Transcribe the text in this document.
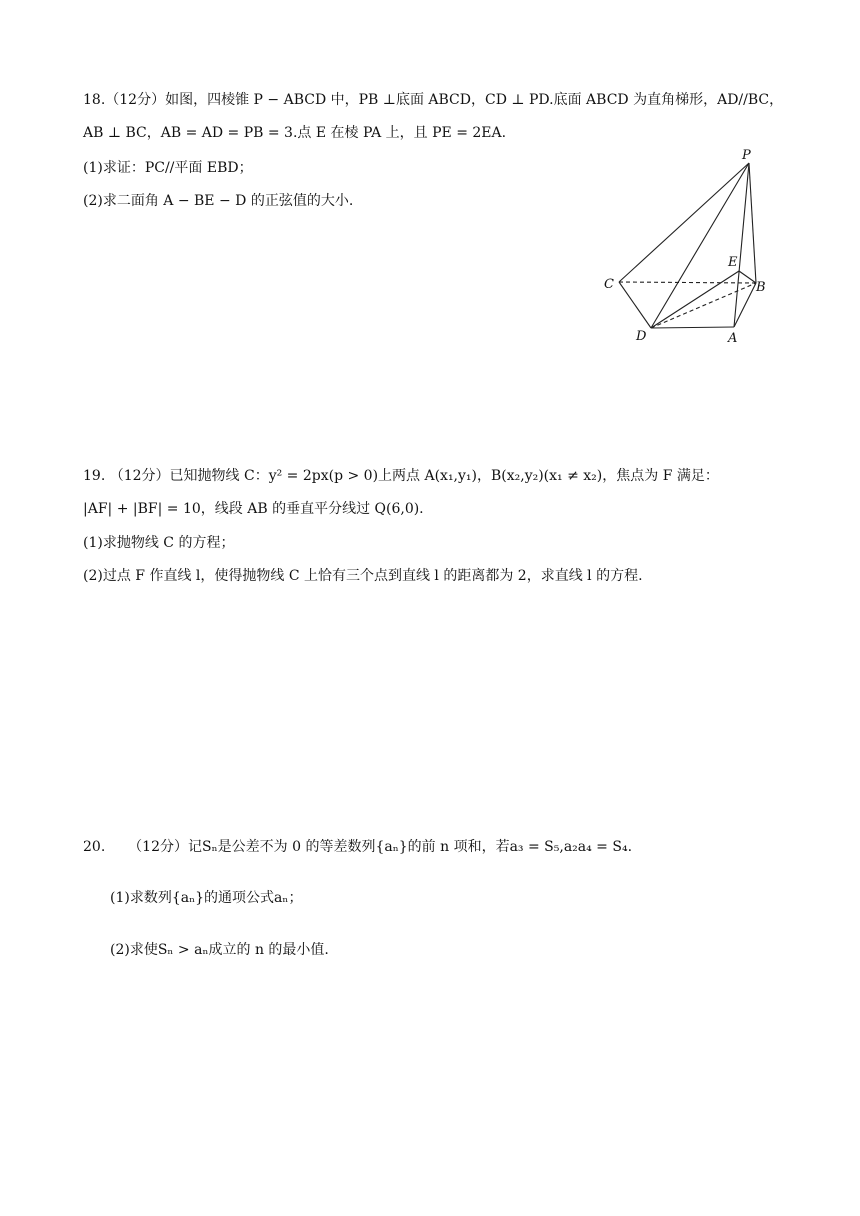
18.（12分）如图，四棱锥 P − ABCD 中，PB ⊥底面 ABCD，CD ⊥ PD.底面 ABCD 为直角梯形，AD//BC，
AB ⊥ BC，AB = AD = PB = 3.点 E 在棱 PA 上，且 PE = 2EA.
(1)求证：PC//平面 EBD；
(2)求二面角 A − BE − D 的正弦值的大小.
P
E
C	B
D	A
19. （12分）已知抛物线 C：y² = 2px(p > 0)上两点 A(x₁,y₁)，B(x₂,y₂)(x₁ ≠ x₂)，焦点为 F 满足：
|AF| + |BF| = 10，线段 AB 的垂直平分线过 Q(6,0).
(1)求抛物线 C 的方程；
(2)过点 F 作直线 l，使得抛物线 C 上恰有三个点到直线 l 的距离都为 2，求直线 l 的方程.
20. （12分）记Sₙ是公差不为 0 的等差数列{aₙ}的前 n 项和，若a₃ = S₅,a₂a₄ = S₄.
(1)求数列{aₙ}的通项公式aₙ；
(2)求使Sₙ > aₙ成立的 n 的最小值.
